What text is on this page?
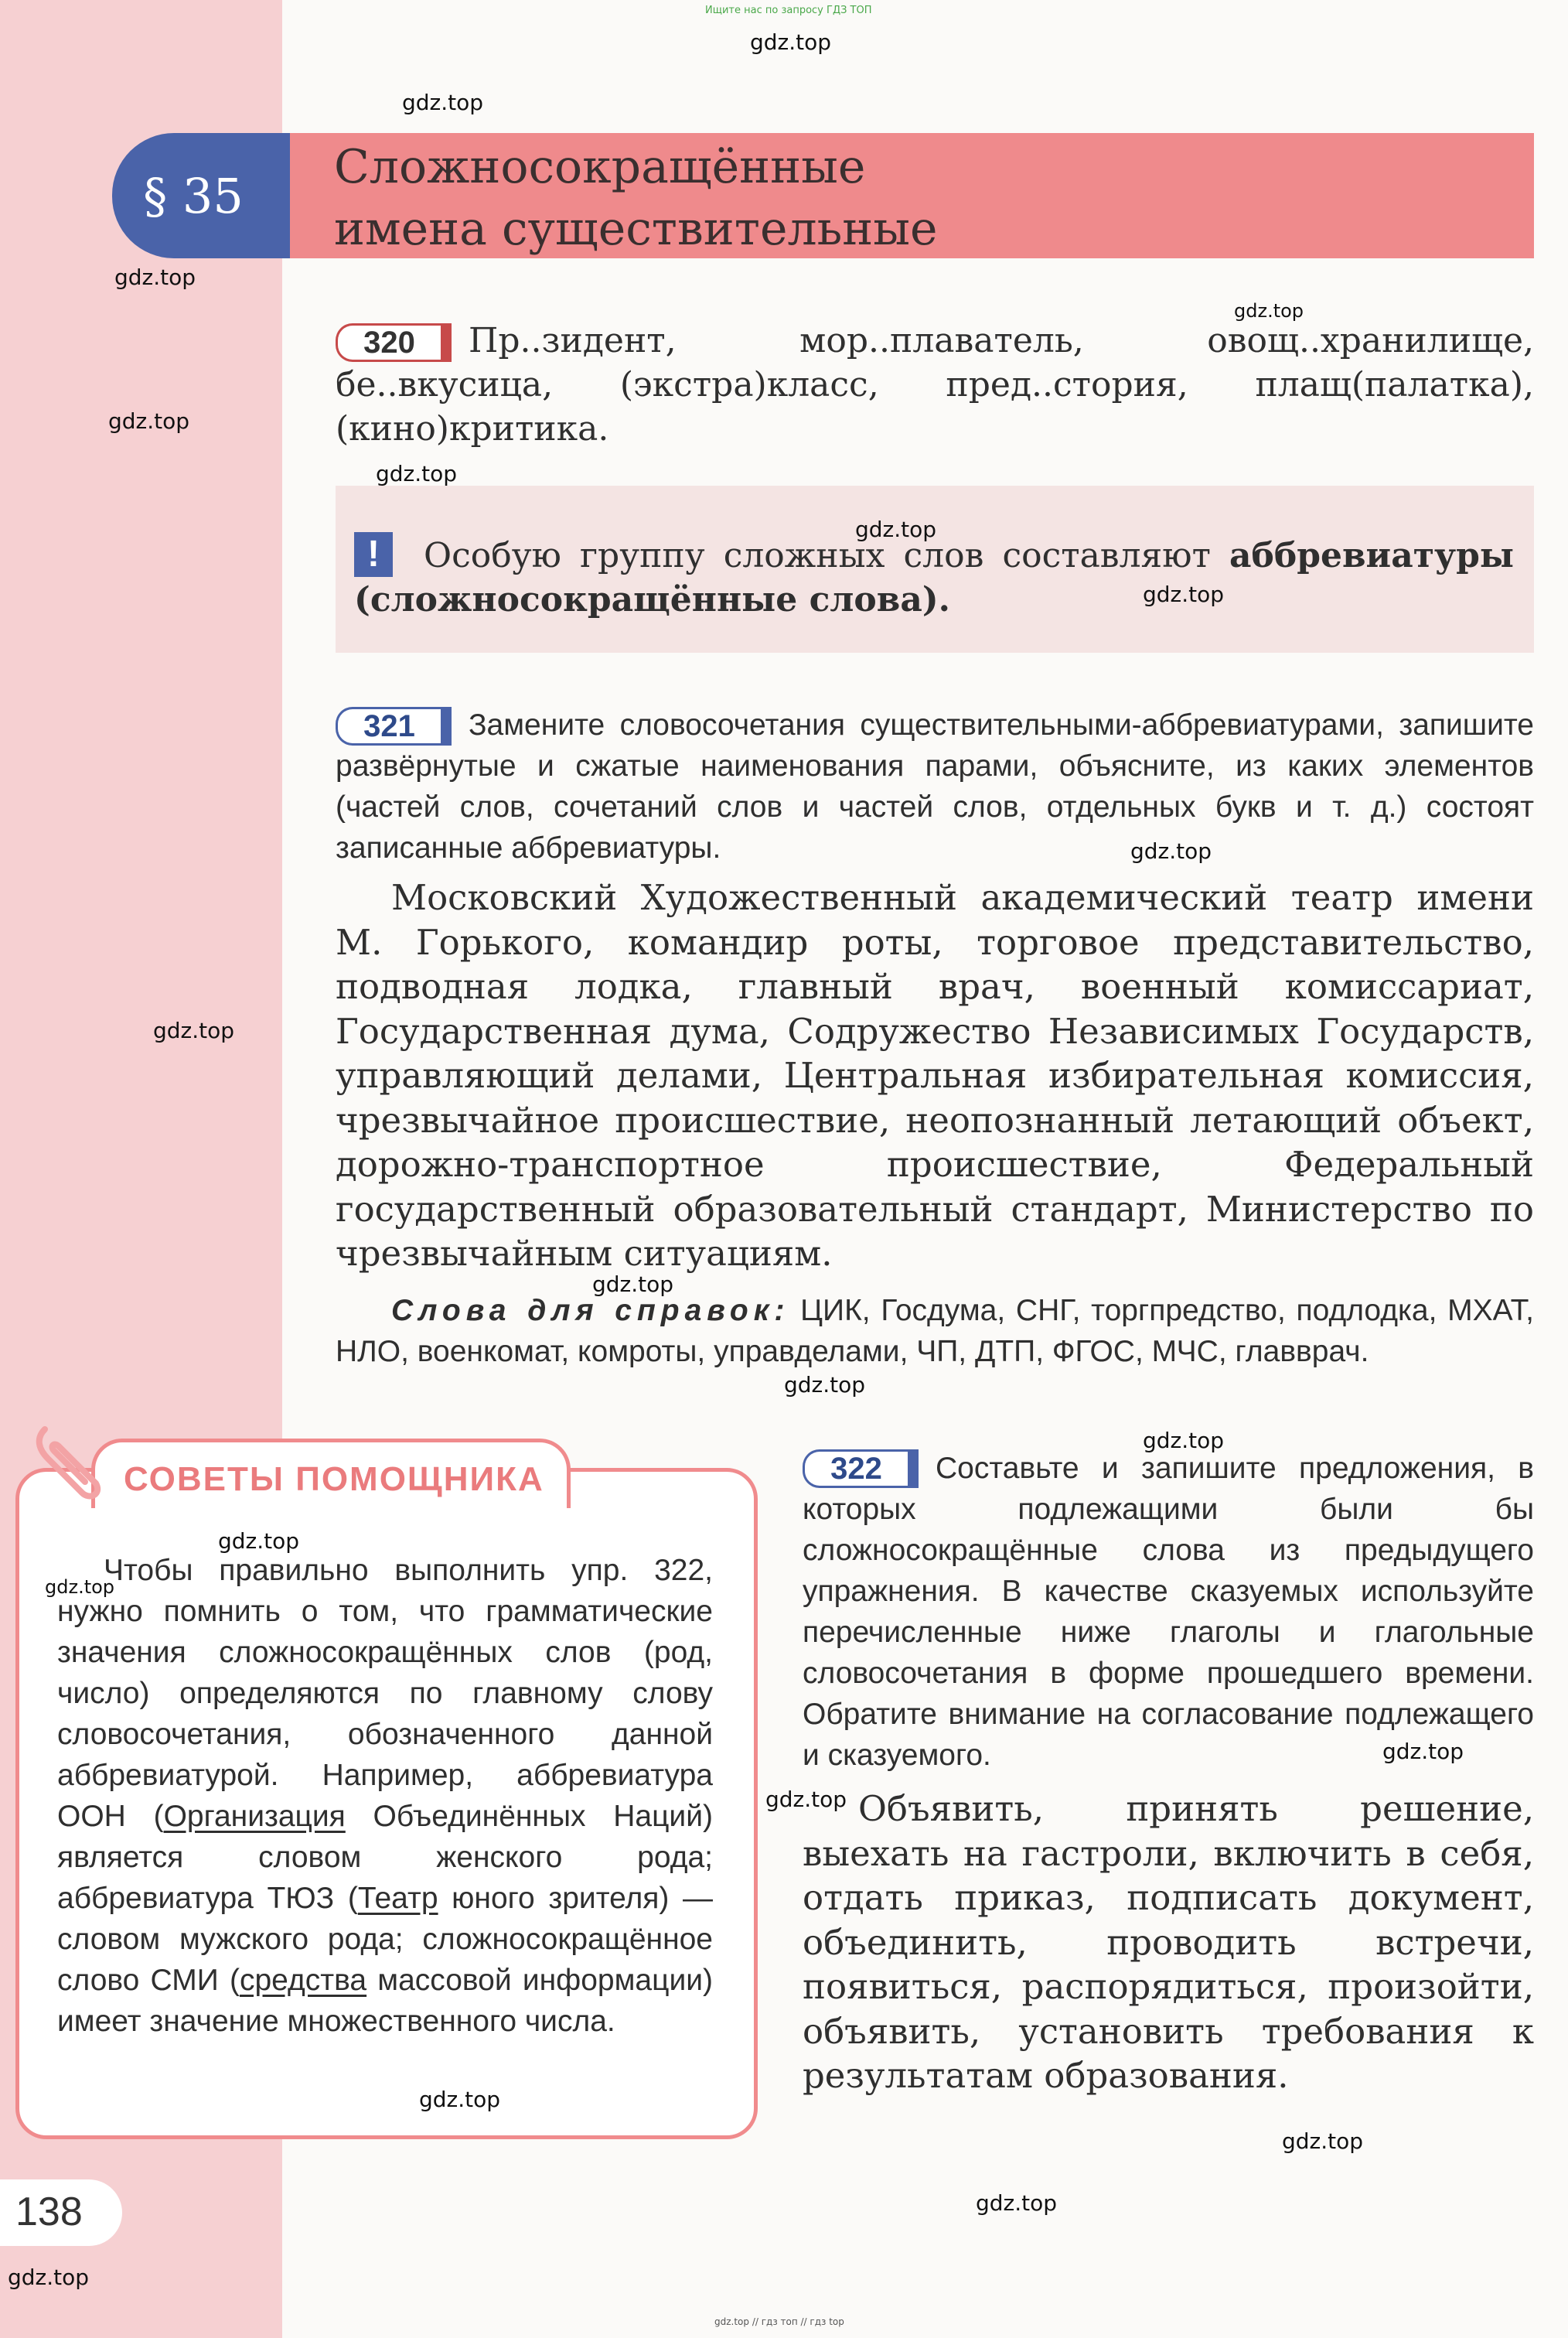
Ищите нас по запросу ГДЗ ТОП
§ 35
Сложносокращённые
имена существительные
Пр..зидент, мор..плаватель, овощ..хранилище, бе..вкусица, (экстра)класс, пред..стория, плащ(палатка), (кино)критика.
320
Особую группу сложных слов составляют аббревиатуры (сложносокращённые слова).
!
Замените словосочетания существительными-аббревиатурами, запишите развёрнутые и сжатые наименования парами, объясните, из каких элементов (частей слов, сочетаний слов и частей слов, отдельных букв и т. д.) состоят записанные аббревиатуры.
321
Московский Художественный академический театр имени М. Горького, командир роты, торговое представительство, подводная лодка, главный врач, военный комиссариат, Государственная дума, Содружество Независимых Государств, управляющий делами, Центральная избирательная комиссия, чрезвычайное происшествие, неопознанный летающий объект, дорожно-транспортное происшествие, Федеральный государственный образовательный стандарт, Министерство по чрезвычайным ситуациям.
Слова для справок: ЦИК, Госдума, СНГ, торгпредство, подлодка, МХАТ, НЛО, военкомат, комроты, управделами, ЧП, ДТП, ФГОС, МЧС, главврач.
СОВЕТЫ ПОМОЩНИКА
Чтобы правильно выполнить упр. 322, нужно помнить о том, что грамматические значения сложносокращённых слов (род, число) определяются по главному слову словосочетания, обозначенного данной аббревиатурой. Например, аббревиатура ООН (Организация Объединённых Наций) является словом женского рода; аббревиатура ТЮЗ (Театр юного зрителя) — словом мужского рода; сложносокращённое слово СМИ (средства массовой информации) имеет значение множественного числа.
Составьте и запишите предложения, в которых подлежащими были бы сложносокращённые слова из предыдущего упражнения. В качестве сказуемых используйте перечисленные ниже глаголы и глагольные словосочетания в форме прошедшего времени. Обратите внимание на согласование подлежащего и сказуемого.
322
Объявить, принять решение, выехать на гастроли, включить в себя, отдать приказ, подписать документ, объединить, проводить встречи, появиться, распорядиться, произойти, объявить, установить требования к результатам образования.
138
gdz.top
gdz.top
gdz.top
gdz.top
gdz.top
gdz.top
gdz.top
gdz.top
gdz.top
gdz.top
gdz.top
gdz.top
gdz.top
gdz.top
gdz.top
gdz.top
gdz.top
gdz.top
gdz.top
gdz.top
gdz.top
gdz.top // гдз топ // гдз top
